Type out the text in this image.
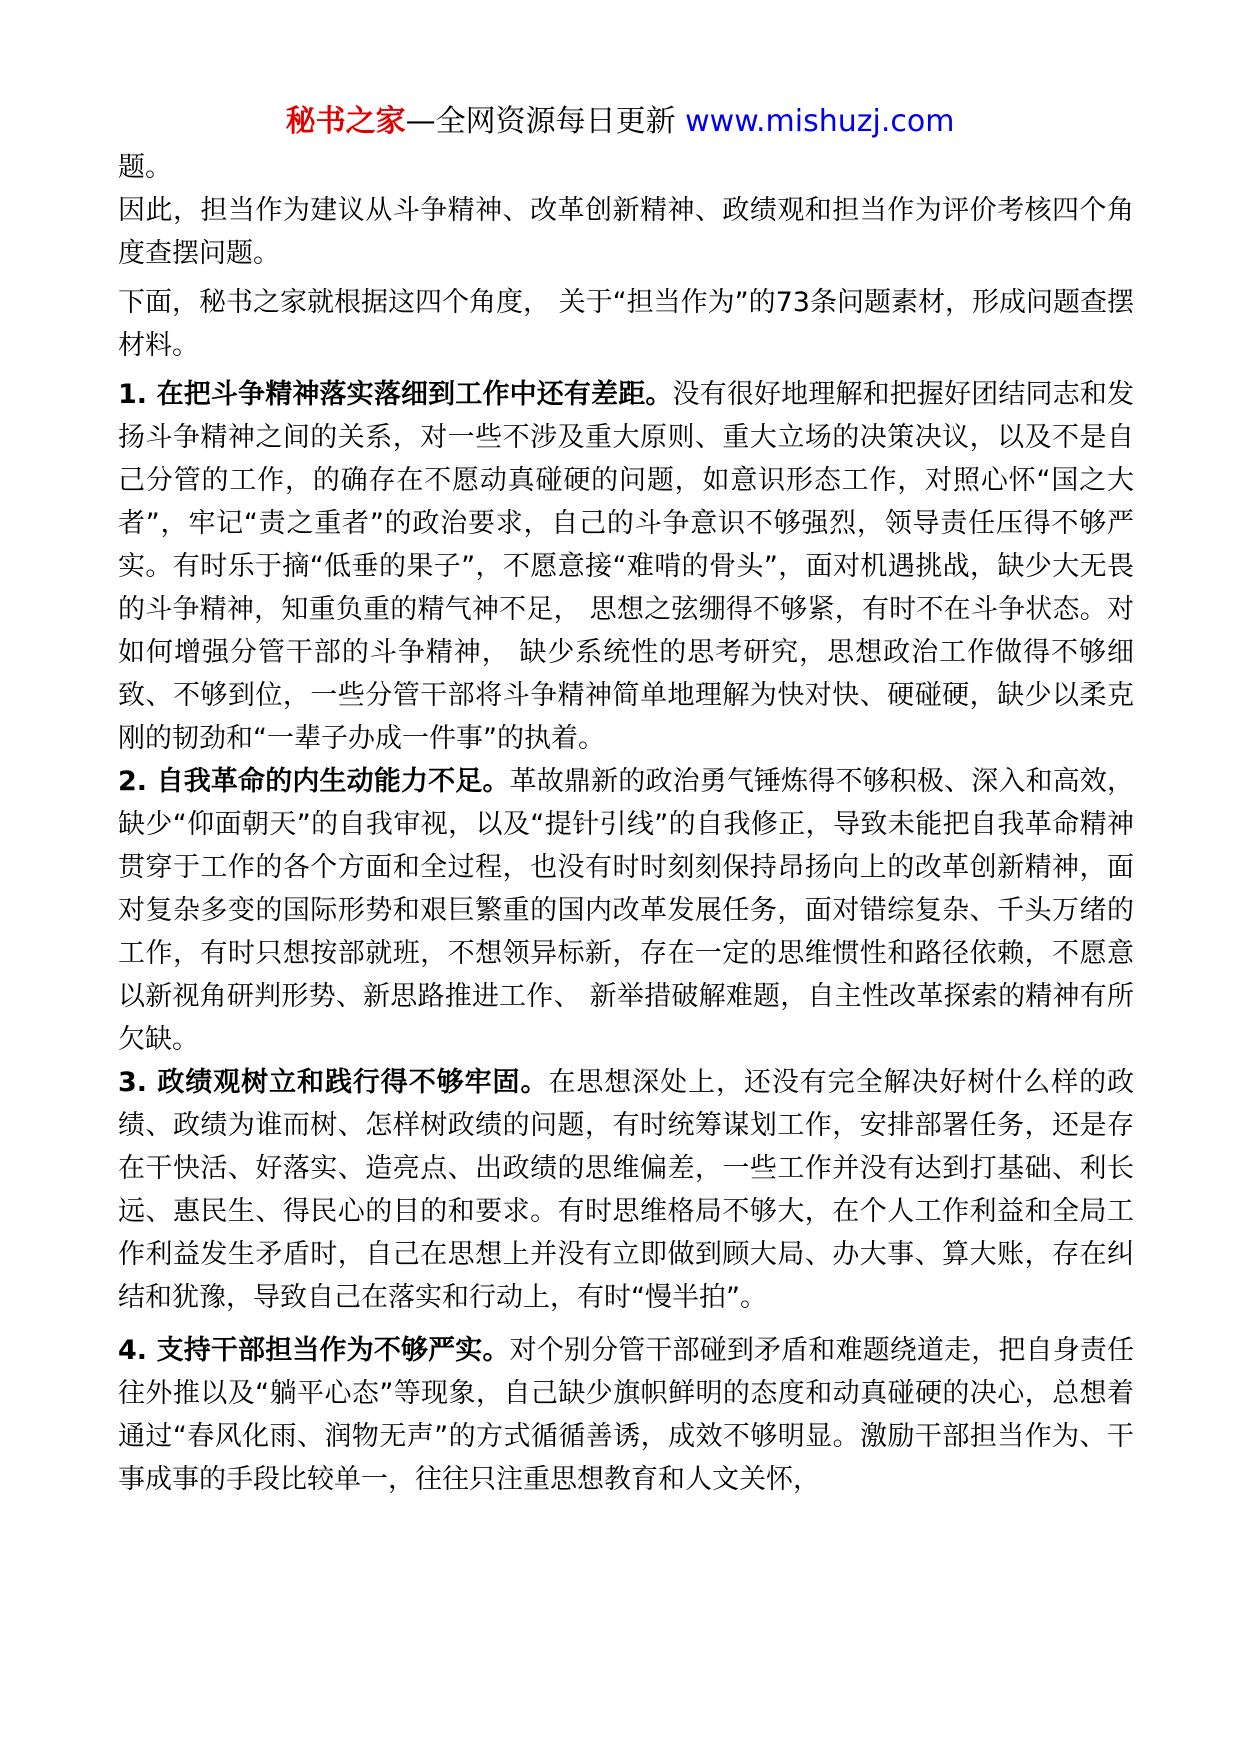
秘书之家—全网资源每日更新 www.mishuzj.com

题。

因此，担当作为建议从斗争精神、改革创新精神、政绩观和担当作为评价考核四个角度查摆问题。

下面，秘书之家就根据这四个角度， 关于“担当作为”的73条问题素材，形成问题查摆材料。

1. 在把斗争精神落实落细到工作中还有差距。没有很好地理解和把握好团结同志和发扬斗争精神之间的关系，对一些不涉及重大原则、重大立场的决策决议，以及不是自己分管的工作，的确存在不愿动真碰硬的问题，如意识形态工作，对照心怀“国之大者”，牢记“责之重者”的政治要求，自己的斗争意识不够强烈，领导责任压得不够严实。有时乐于摘“低垂的果子”，不愿意接“难啃的骨头”，面对机遇挑战，缺少大无畏的斗争精神，知重负重的精气神不足， 思想之弦绷得不够紧，有时不在斗争状态。对如何增强分管干部的斗争精神， 缺少系统性的思考研究，思想政治工作做得不够细致、不够到位，一些分管干部将斗争精神简单地理解为快对快、硬碰硬，缺少以柔克刚的韧劲和“一辈子办成一件事”的执着。

2. 自我革命的内生动能力不足。革故鼎新的政治勇气锤炼得不够积极、深入和高效，缺少“仰面朝天”的自我审视，以及“提针引线”的自我修正，导致未能把自我革命精神贯穿于工作的各个方面和全过程，也没有时时刻刻保持昂扬向上的改革创新精神，面对复杂多变的国际形势和艰巨繁重的国内改革发展任务，面对错综复杂、千头万绪的工作，有时只想按部就班，不想领异标新，存在一定的思维惯性和路径依赖，不愿意以新视角研判形势、新思路推进工作、 新举措破解难题，自主性改革探索的精神有所欠缺。

3. 政绩观树立和践行得不够牢固。在思想深处上，还没有完全解决好树什么样的政绩、政绩为谁而树、怎样树政绩的问题，有时统筹谋划工作，安排部署任务，还是存在干快活、好落实、造亮点、出政绩的思维偏差，一些工作并没有达到打基础、利长远、惠民生、得民心的目的和要求。有时思维格局不够大，在个人工作利益和全局工作利益发生矛盾时，自己在思想上并没有立即做到顾大局、办大事、算大账，存在纠结和犹豫，导致自己在落实和行动上，有时“慢半拍”。

4. 支持干部担当作为不够严实。对个别分管干部碰到矛盾和难题绕道走，把自身责任往外推以及“躺平心态”等现象，自己缺少旗帜鲜明的态度和动真碰硬的决心，总想着通过“春风化雨、润物无声”的方式循循善诱，成效不够明显。激励干部担当作为、干事成事的手段比较单一，往往只注重思想教育和人文关怀，
